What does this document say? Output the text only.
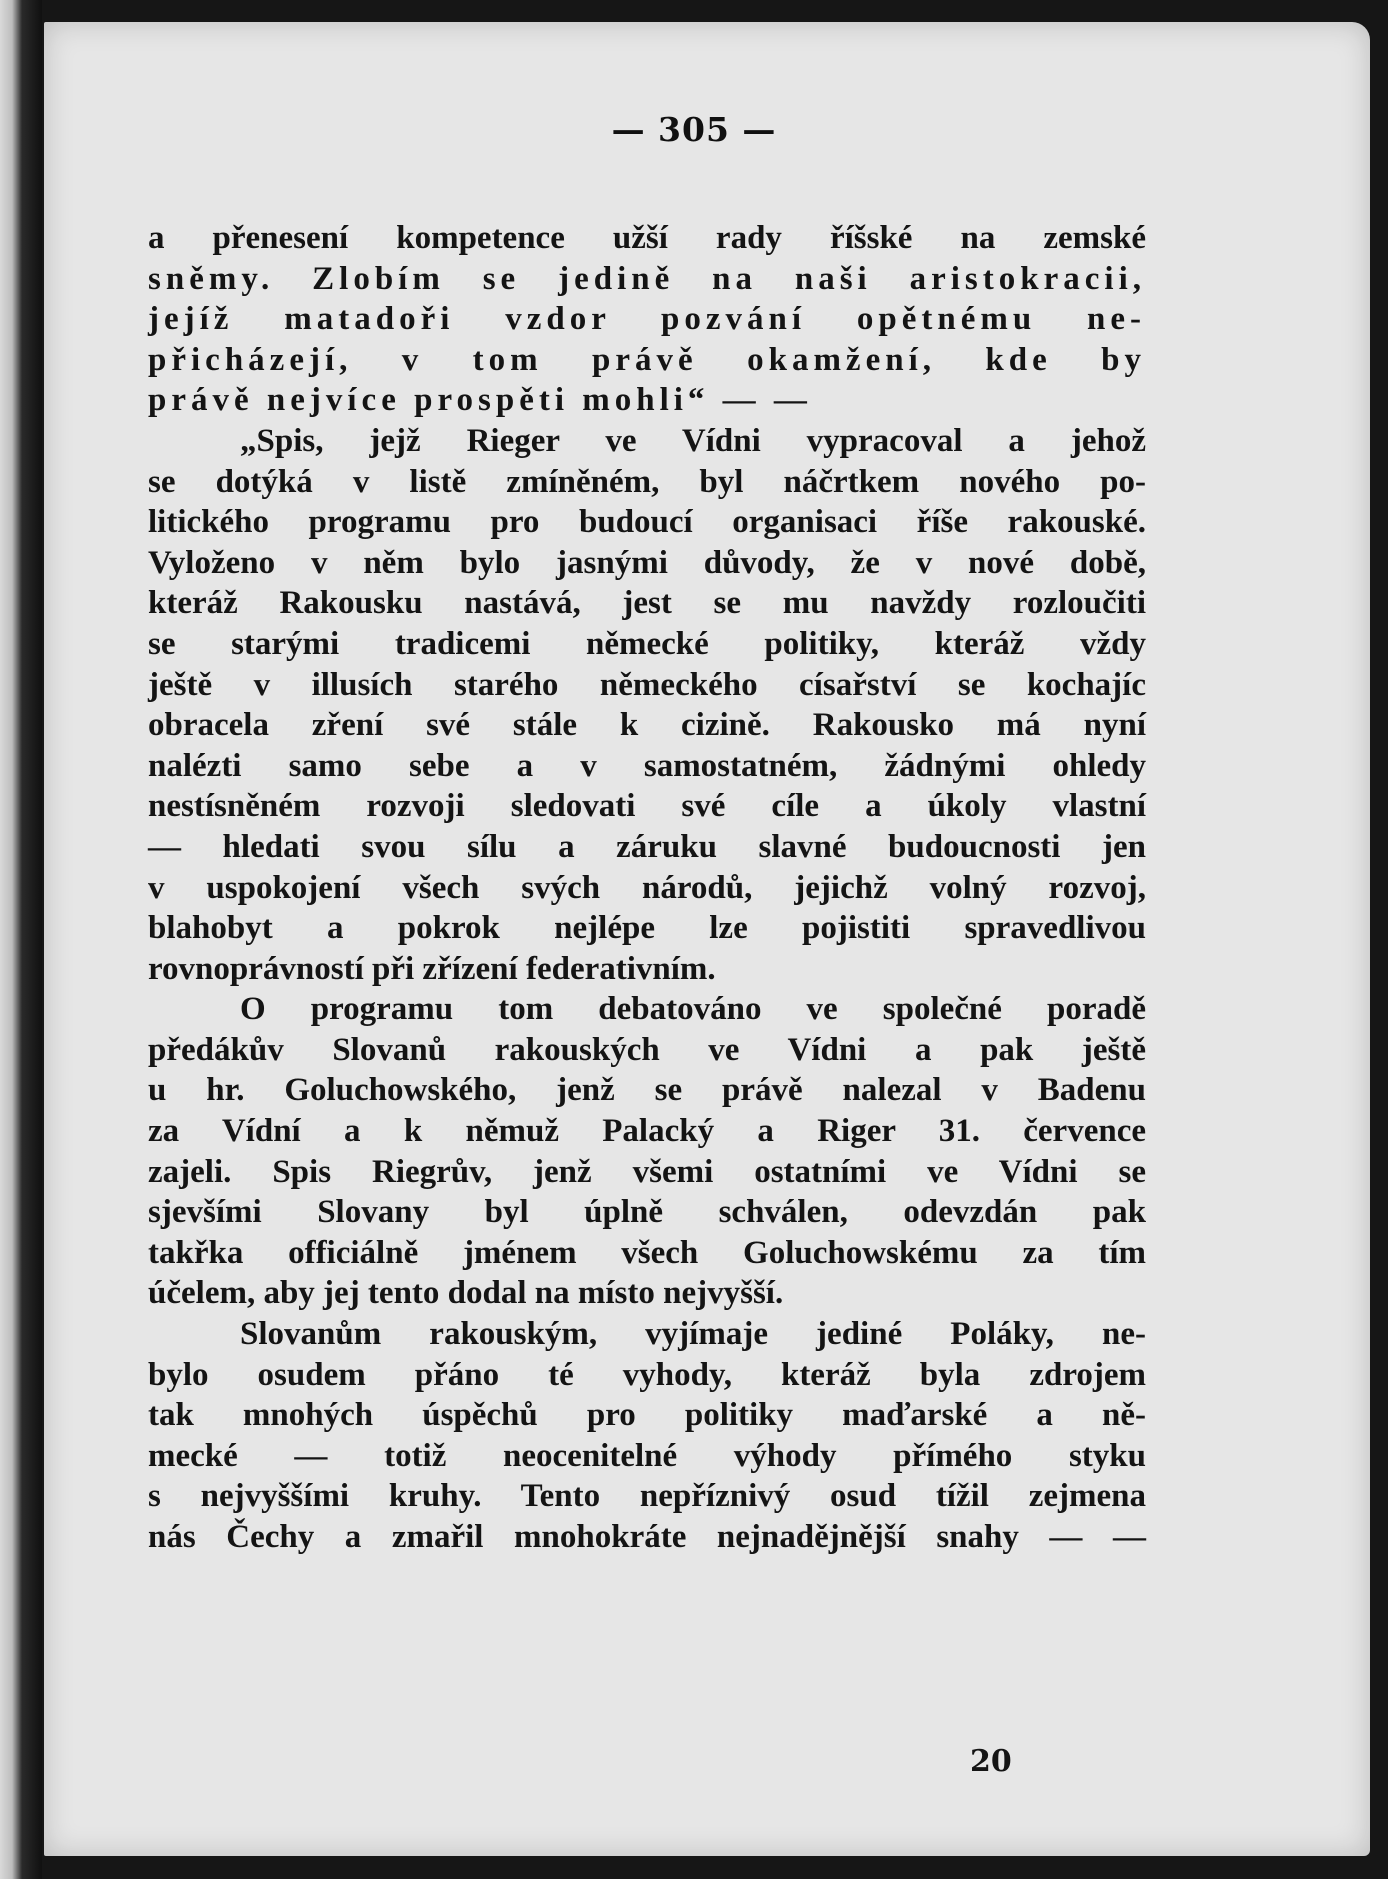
— 305 —
a přenesení kompetence užší rady říšské na zemské
sněmy. Zlobím se jedině na naši aristokracii,
jejíž matadoři vzdor pozvání opětnému ne-
přicházejí, v tom právě okamžení, kde by
právě nejvíce prospěti mohli“ — —
„Spis, jejž Rieger ve Vídni vypracoval a jehož
se dotýká v listě zmíněném, byl náčrtkem nového po-
litického programu pro budoucí organisaci říše rakouské.
Vyloženo v něm bylo jasnými důvody, že v nové době,
kteráž Rakousku nastává, jest se mu navždy rozloučiti
se starými tradicemi německé politiky, kteráž vždy
ještě v illusích starého německého císařství se kochajíc
obracela zření své stále k cizině. Rakousko má nyní
nalézti samo sebe a v samostatném, žádnými ohledy
nestísněném rozvoji sledovati své cíle a úkoly vlastní
— hledati svou sílu a záruku slavné budoucnosti jen
v uspokojení všech svých národů, jejichž volný rozvoj,
blahobyt a pokrok nejlépe lze pojistiti spravedlivou
rovnoprávností při zřízení federativním.
O programu tom debatováno ve společné poradě
předákův Slovanů rakouských ve Vídni a pak ještě
u hr. Goluchowského, jenž se právě nalezal v Badenu
za Vídní a k němuž Palacký a Riger 31. července
zajeli. Spis Riegrův, jenž všemi ostatními ve Vídni se
sjevšími Slovany byl úplně schválen, odevzdán pak
takřka officiálně jménem všech Goluchowskému za tím
účelem, aby jej tento dodal na místo nejvyšší.
Slovanům rakouským, vyjímaje jediné Poláky, ne-
bylo osudem přáno té vyhody, kteráž byla zdrojem
tak mnohých úspěchů pro politiky maďarské a ně-
mecké — totiž neocenitelné výhody přímého styku
s nejvyššími kruhy. Tento nepříznivý osud tížil zejmena
nás Čechy a zmařil mnohokráte nejnadějnější snahy — —
20
